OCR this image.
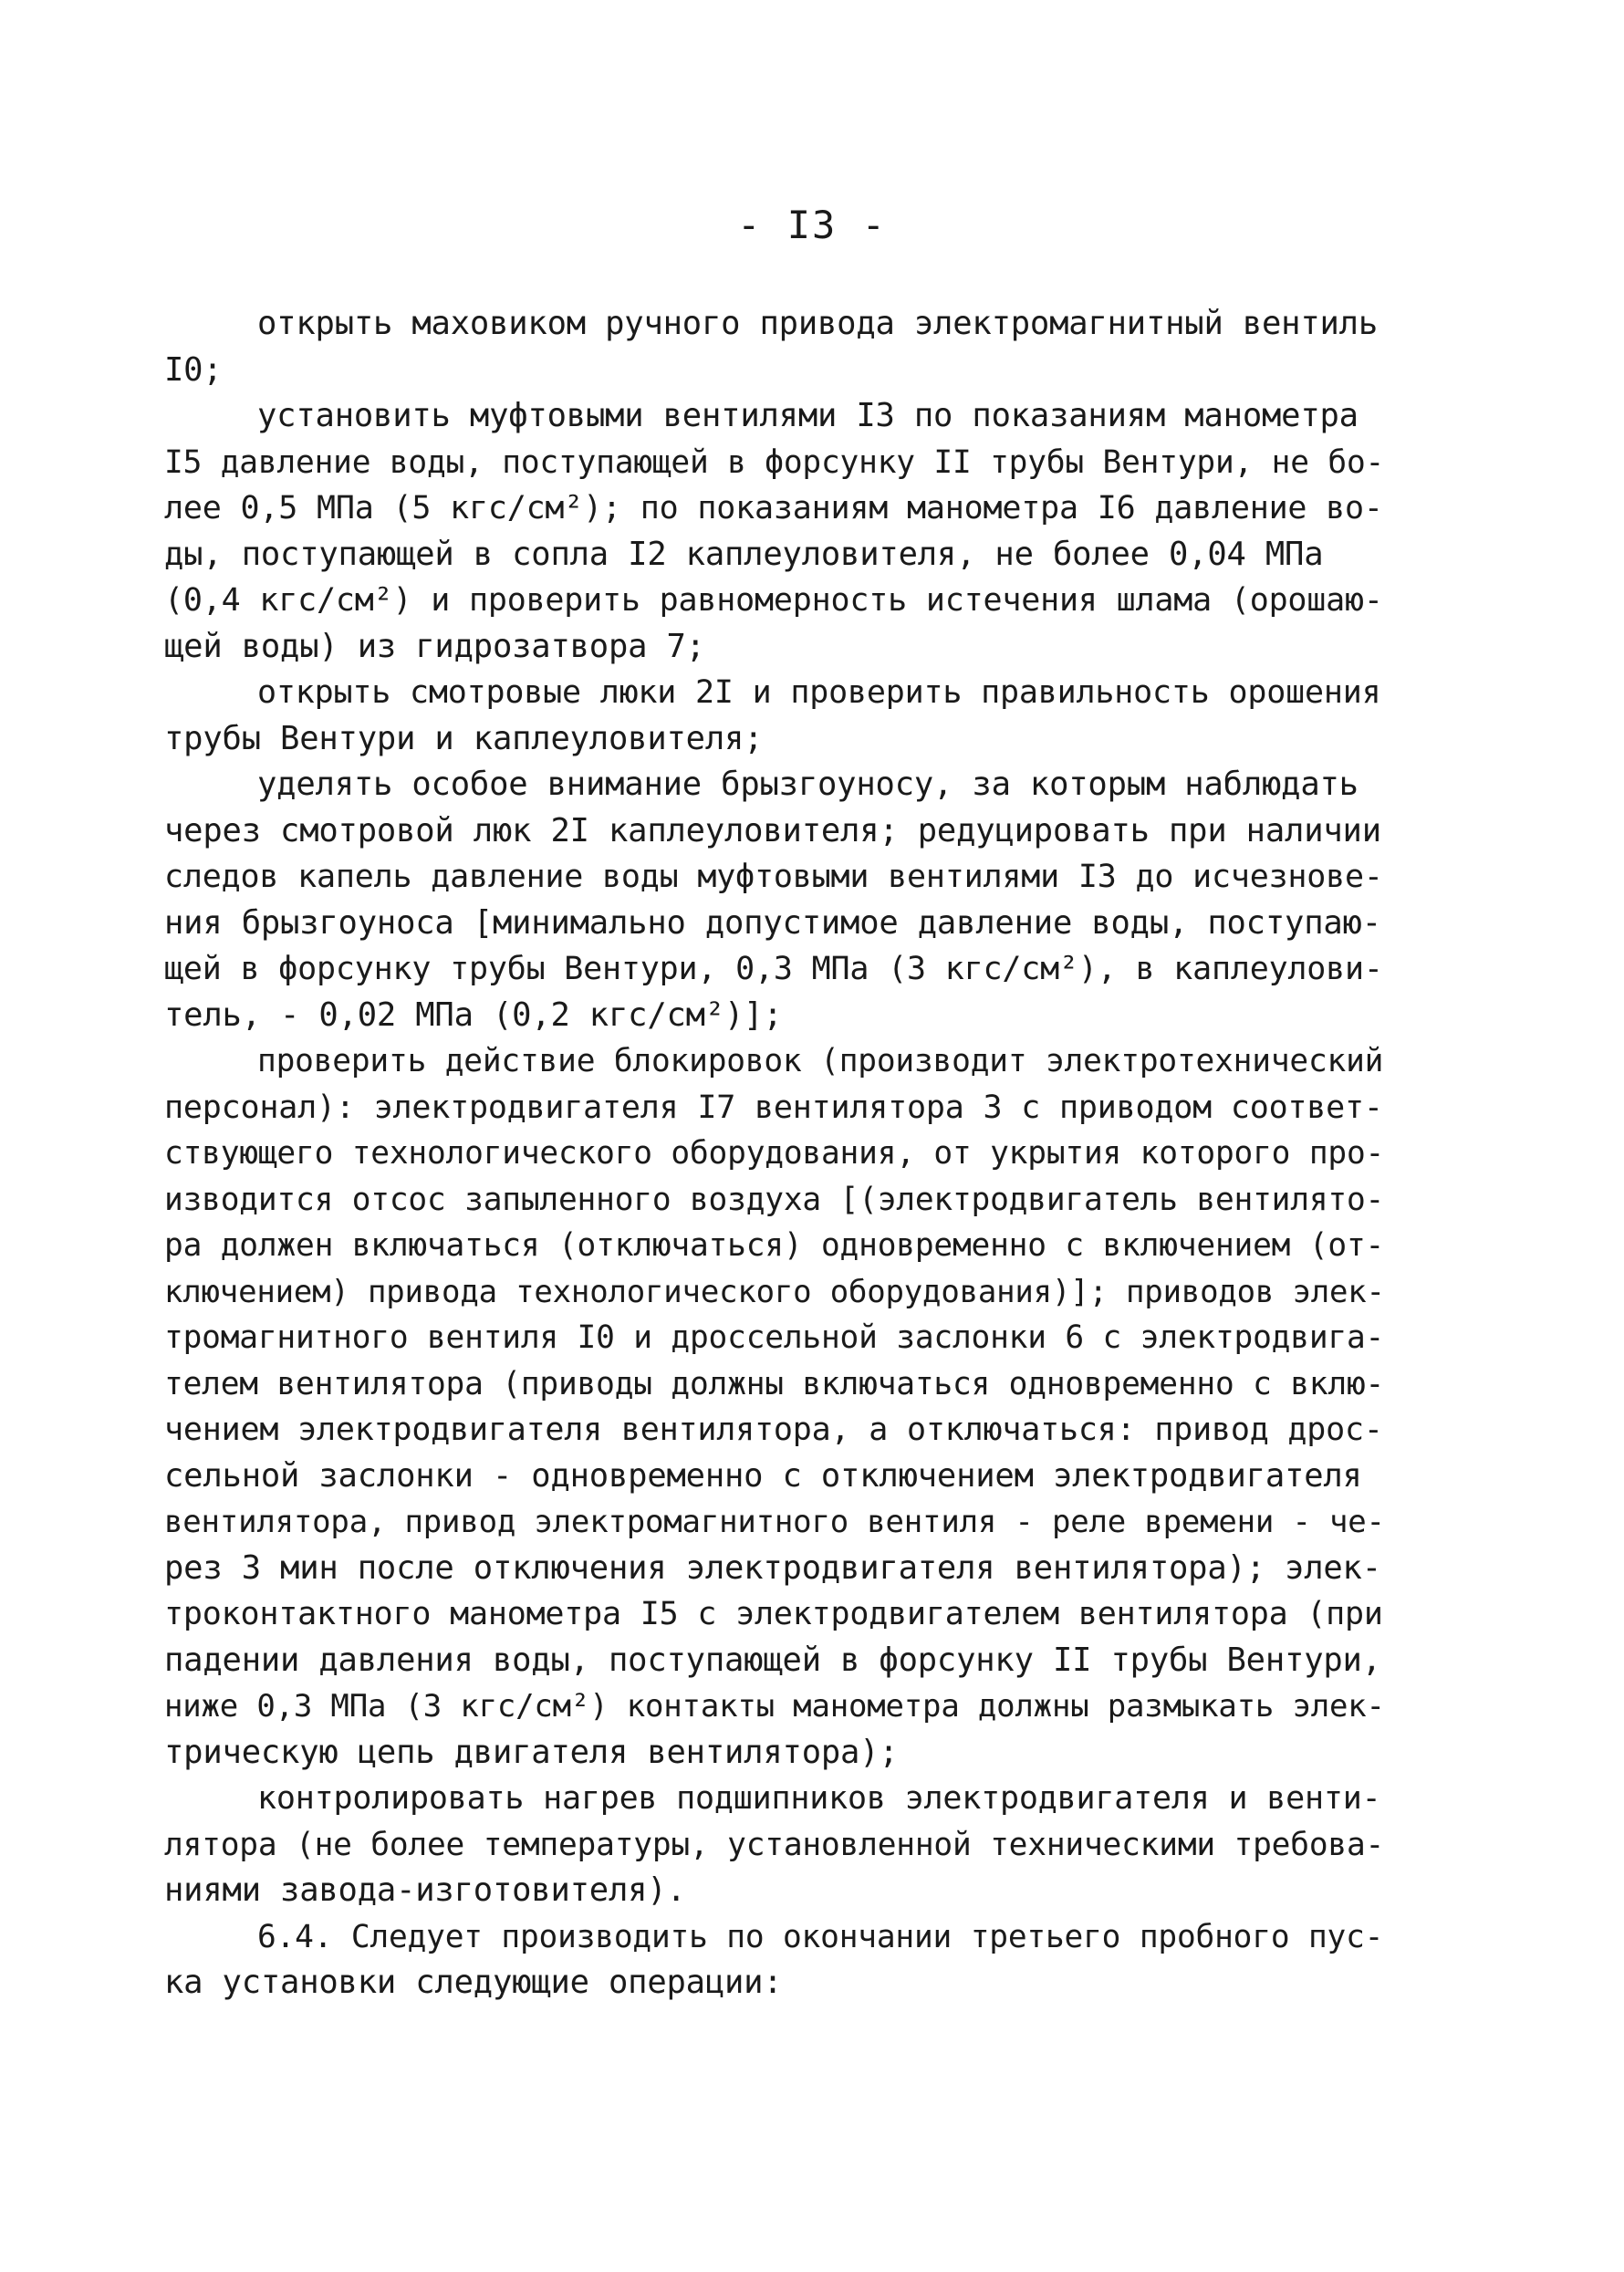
- I3 -
открыть маховиком ручного привода электромагнитный вентиль
I0;
установить муфтовыми вентилями I3 по показаниям манометра
I5 давление воды, поступающей в форсунку II трубы Вентури, не бо-
лее 0,5 МПа (5 кгс/см²); по показаниям манометра I6 давление во-
ды, поступающей в сопла I2 каплеуловителя, не более 0,04 МПа
(0,4 кгс/см²) и проверить равномерность истечения шлама (орошаю-
щей воды) из гидрозатвора 7;
открыть смотровые люки 2I и проверить правильность орошения
трубы Вентури и каплеуловителя;
уделять особое внимание брызгоуносу, за которым наблюдать
через смотровой люк 2I каплеуловителя; редуцировать при наличии
следов капель давление воды муфтовыми вентилями I3 до исчезнове-
ния брызгоуноса [минимально допустимое давление воды, поступаю-
щей в форсунку трубы Вентури, 0,3 МПа (3 кгс/см²), в каплеулови-
тель, - 0,02 МПа (0,2 кгс/см²)];
проверить действие блокировок (производит электротехнический
персонал): электродвигателя I7 вентилятора 3 с приводом соответ-
ствующего технологического оборудования, от укрытия которого про-
изводится отсос запыленного воздуха [(электродвигатель вентилято-
ра должен включаться (отключаться) одновременно с включением (от-
ключением) привода технологического оборудования)]; приводов элек-
тромагнитного вентиля I0 и дроссельной заслонки 6 с электродвига-
телем вентилятора (приводы должны включаться одновременно с вклю-
чением электродвигателя вентилятора, а отключаться: привод дрос-
сельной заслонки - одновременно с отключением электродвигателя
вентилятора, привод электромагнитного вентиля - реле времени - че-
рез 3 мин после отключения электродвигателя вентилятора); элек-
троконтактного манометра I5 с электродвигателем вентилятора (при
падении давления воды, поступающей в форсунку II трубы Вентури,
ниже 0,3 МПа (3 кгс/см²) контакты манометра должны размыкать элек-
трическую цепь двигателя вентилятора);
контролировать нагрев подшипников электродвигателя и венти-
лятора (не более температуры, установленной техническими требова-
ниями завода-изготовителя).
6.4. Следует производить по окончании третьего пробного пус-
ка установки следующие операции:
